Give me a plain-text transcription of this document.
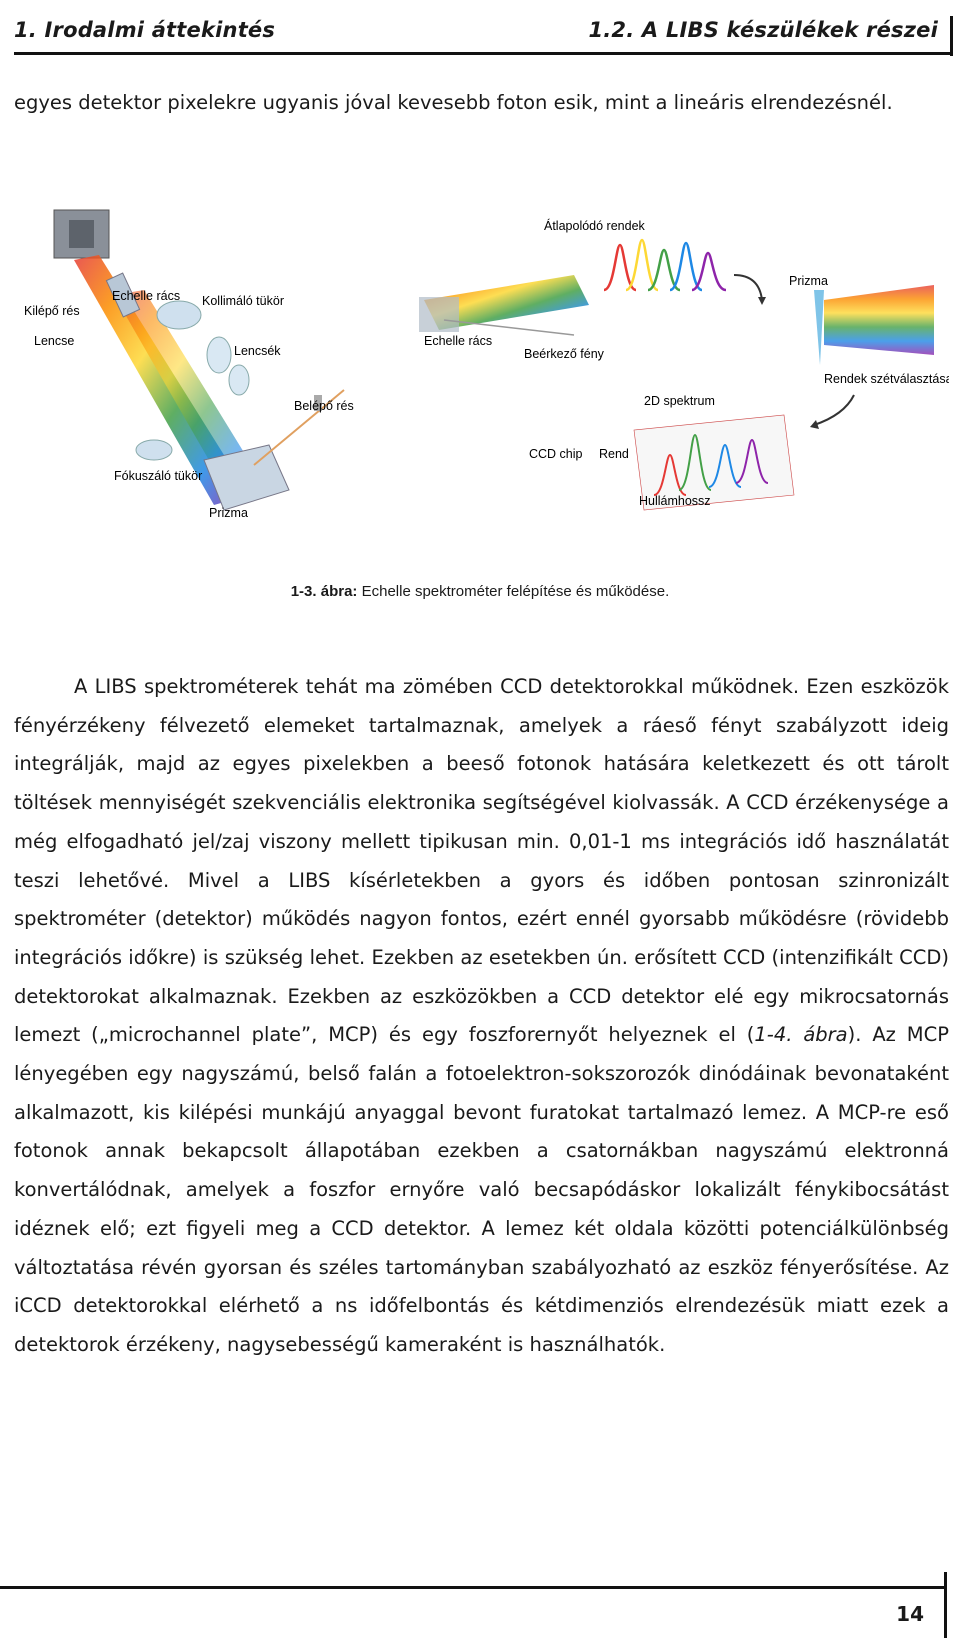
1. Irodalmi áttekintés	1.2. A LIBS készülékek részei

egyes detektor pixelekre ugyanis jóval kevesebb foton esik, mint a lineáris elrendezésnél.

Kilépő rés
Lencse
Echelle rács Kollimáló tükör
Lencsék
Belépő rés
Fókuszáló tükör
Prizma
Átlapolódó rendek
Prizma
Echelle rács
Beérkező fény
Rendek szétválasztása
2D spektrum
CCD chip Rend
Hullámhossz
1-3. ábra: Echelle spektrométer felépítése és működése.

A LIBS spektrométerek tehát ma zömében CCD detektorokkal működnek. Ezen eszközök fényérzékeny félvezető elemeket tartalmaznak, amelyek a ráeső fényt szabályzott ideig integrálják, majd az egyes pixelekben a beeső fotonok hatására keletkezett és ott tárolt töltések mennyiségét szekvenciális elektronika segítségével kiolvassák. A CCD érzékenysége a még elfogadható jel/zaj viszony mellett tipikusan min. 0,01-1 ms integrációs idő használatát teszi lehetővé. Mivel a LIBS kísérletekben a gyors és időben pontosan szinronizált spektrométer (detektor) működés nagyon fontos, ezért ennél gyorsabb működésre (rövidebb integrációs időkre) is szükség lehet. Ezekben az esetekben ún. erősített CCD (intenzifikált CCD) detektorokat alkalmaznak. Ezekben az eszközökben a CCD detektor elé egy mikrocsatornás lemezt („microchannel plate”, MCP) és egy foszforernyőt helyeznek el (1-4. ábra). Az MCP lényegében egy nagyszámú, belső falán a fotoelektron-sokszorozók dinódáinak bevonataként alkalmazott, kis kilépési munkájú anyaggal bevont furatokat tartalmazó lemez. A MCP-re eső fotonok annak bekapcsolt állapotában ezekben a csatornákban nagyszámú elektronná konvertálódnak, amelyek a foszfor ernyőre való becsapódáskor lokalizált fénykibocsátást idéznek elő; ezt figyeli meg a CCD detektor. A lemez két oldala közötti potenciálkülönbség változtatása révén gyorsan és széles tartományban szabályozható az eszköz fényerősítése. Az iCCD detektorokkal elérhető a ns időfelbontás és kétdimenziós elrendezésük miatt ezek a detektorok érzékeny, nagysebességű kameraként is használhatók.

14
